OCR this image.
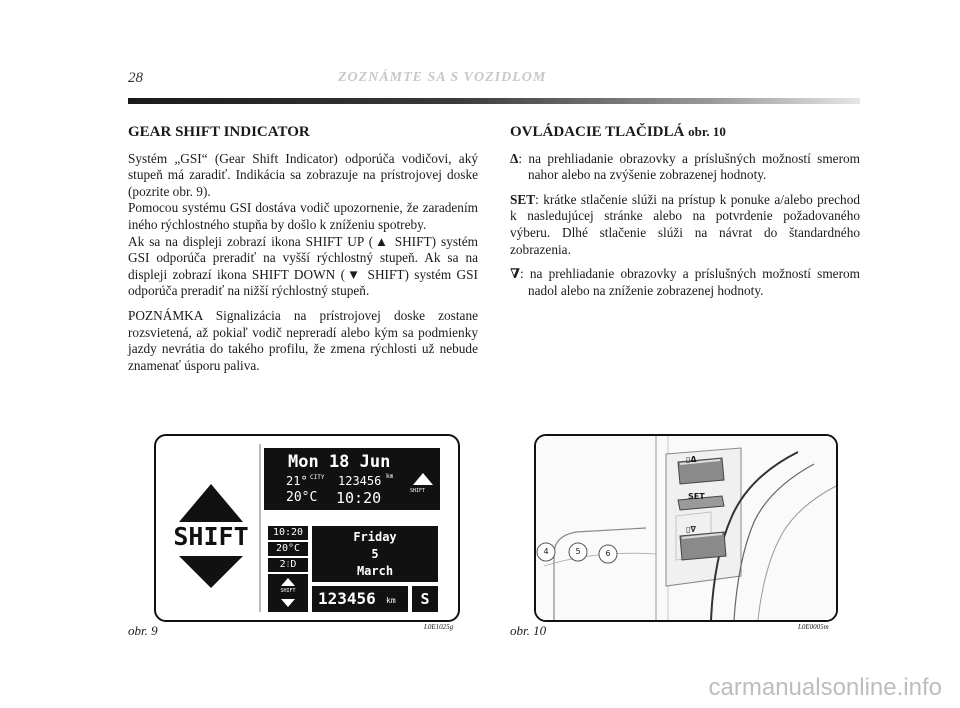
28	ZOZNÁMTE SA S VOZIDLOM
GEAR SHIFT INDICATOR

Systém „GSI“ (Gear Shift Indicator) odporúča vodičovi, aký stupeň má zaradiť. Indikácia sa zobrazuje na prístrojovej doske (pozrite obr. 9).
Pomocou systému GSI dostáva vodič upozornenie, že zaradením iného rýchlostného stupňa by došlo k zníženiu spotreby.
Ak sa na displeji zobrazí ikona SHIFT UP (▲ SHIFT) systém GSI odporúča preradiť na vyšší rýchlostný stupeň. Ak sa na displeji zobrazí ikona SHIFT DOWN (▼ SHIFT) systém GSI odporúča preradiť na nižší rýchlostný stupeň.

POZNÁMKA Signalizácia na prístrojovej doske zostane rozsvietená, až pokiaľ vodič nepreradí alebo kým sa podmienky jazdy nevrátia do takého profilu, že zmena rýchlosti už nebude znamenať úsporu paliva.

OVLÁDACIE TLAČIDLÁ obr. 10

Δ: na prehliadanie obrazovky a príslušných možností smerom nahor alebo na zvýšenie zobrazenej hodnoty.

SET: krátke stlačenie slúži na prístup k ponuke a/alebo prechod k nasledujúcej stránke alebo na potvrdenie požadovaného výberu. Dlhé stlačenie slúži na návrat do štandardného zobrazenia.

∇: na prehliadanie obrazovky a príslušných možností smerom nadol alebo na zníženie zobrazenej hodnoty.

SHIFT
Mon 18 Jun
21° CITY 123456 km
20°C 10:20	SHIFT
10:20
20°C
2⁞D
SHIFT
Friday
5
March
123456 km	S
obr. 9	L0E1025g
▯Δ
SET
▯∇
4	5	6
obr. 10	L0E0005m
carmanualsonline.info
